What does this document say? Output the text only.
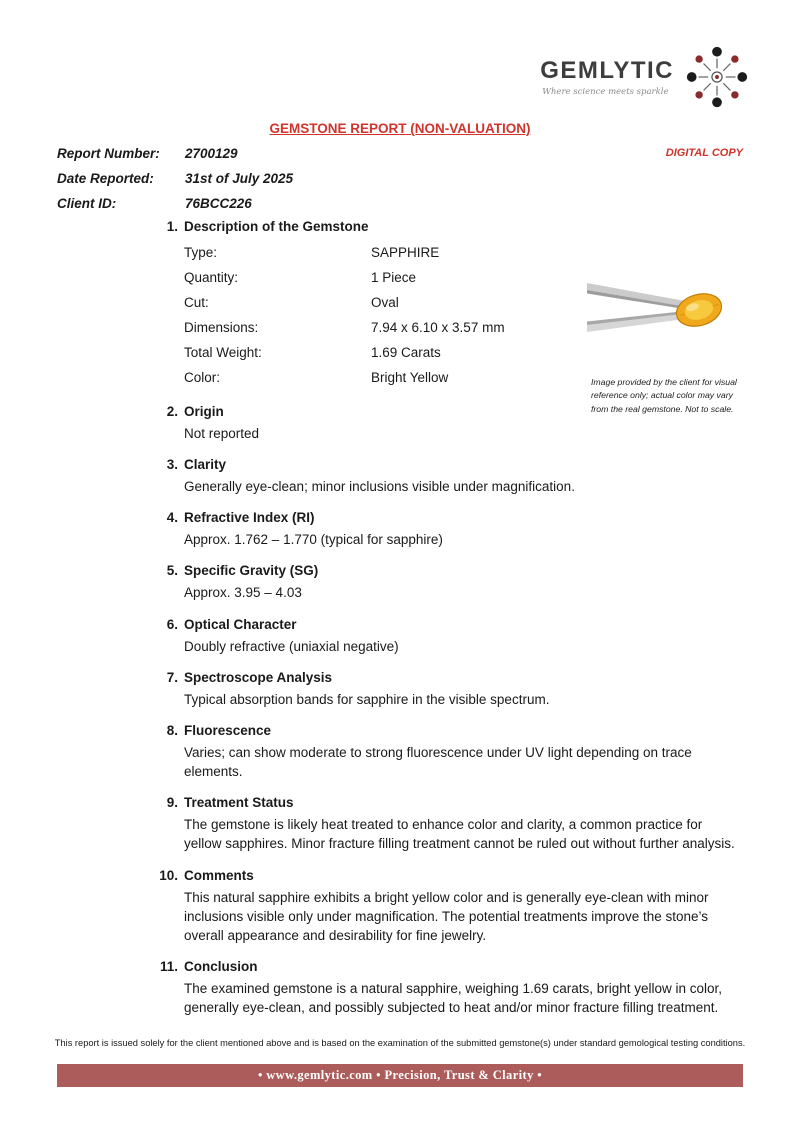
GEMLYTIC
Where science meets sparkle
GEMSTONE REPORT (NON-VALUATION)
DIGITAL COPY
Report Number:	2700129
Date Reported:	31st of July 2025
Client ID:	76BCC226
1. Description of the Gemstone
Type:	SAPPHIRE
Quantity:	1 Piece
Cut:	Oval
Dimensions:	7.94 x 6.10 x 3.57 mm
Total Weight:	1.69 Carats
Color:	Bright Yellow
2. Origin
Not reported
3. Clarity
Generally eye-clean; minor inclusions visible under magnification.
4. Refractive Index (RI)
Approx. 1.762 – 1.770 (typical for sapphire)
5. Specific Gravity (SG)
Approx. 3.95 – 4.03
6. Optical Character
Doubly refractive (uniaxial negative)
7. Spectroscope Analysis
Typical absorption bands for sapphire in the visible spectrum.
8. Fluorescence
Varies; can show moderate to strong fluorescence under UV light depending on trace elements.
9. Treatment Status
The gemstone is likely heat treated to enhance color and clarity, a common practice for yellow sapphires. Minor fracture filling treatment cannot be ruled out without further analysis.
10. Comments
This natural sapphire exhibits a bright yellow color and is generally eye-clean with minor inclusions visible only under magnification. The potential treatments improve the stone’s overall appearance and desirability for fine jewelry.
11. Conclusion
The examined gemstone is a natural sapphire, weighing 1.69 carats, bright yellow in color, generally eye-clean, and possibly subjected to heat and/or minor fracture filling treatment.
Image provided by the client for visual reference only; actual color may vary from the real gemstone. Not to scale.
This report is issued solely for the client mentioned above and is based on the examination of the submitted gemstone(s) under standard gemological testing conditions.
• www.gemlytic.com • Precision, Trust & Clarity •
